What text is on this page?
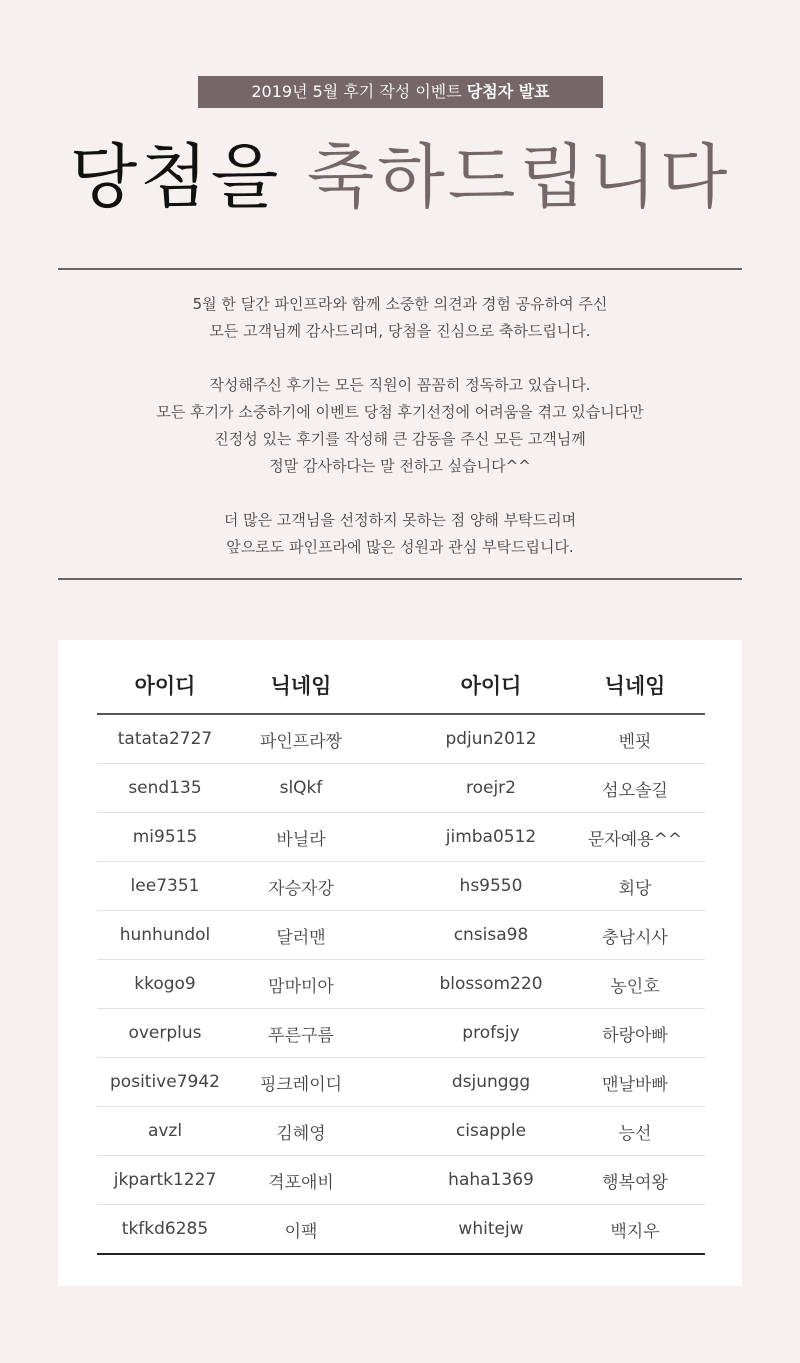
2019년 5월 후기 작성 이벤트 당첨자 발표
당첨을 축하드립니다

5월 한 달간 파인프라와 함께 소중한 의견과 경험 공유하여 주신
모든 고객님께 감사드리며, 당첨을 진심으로 축하드립니다.

작성해주신 후기는 모든 직원이 꼼꼼히 정독하고 있습니다.
모든 후기가 소중하기에 이벤트 당첨 후기선정에 어려움을 겪고 있습니다만
진정성 있는 후기를 작성해 큰 감동을 주신 모든 고객님께
정말 감사하다는 말 전하고 싶습니다^^

더 많은 고객님을 선정하지 못하는 점 양해 부탁드리며
앞으로도 파인프라에 많은 성원과 관심 부탁드립니다.

아이디	닉네임		아이디	닉네임
tatata2727	파인프라짱		pdjun2012	벤핏
send135	slQkf		roejr2	섬오솔길
mi9515	바닐라		jimba0512	문자예용^^
lee7351	자승자강		hs9550	회당
hunhundol	달러맨		cnsisa98	충남시사
kkogo9	맘마미아		blossom220	농인호
overplus	푸른구름		profsjy	하랑아빠
positive7942	핑크레이디		dsjunggg	맨날바빠
avzl	김혜영		cisapple	능선
jkpartk1227	격포애비		haha1369	행복여왕
tkfkd6285	이팩		whitejw	백지우
